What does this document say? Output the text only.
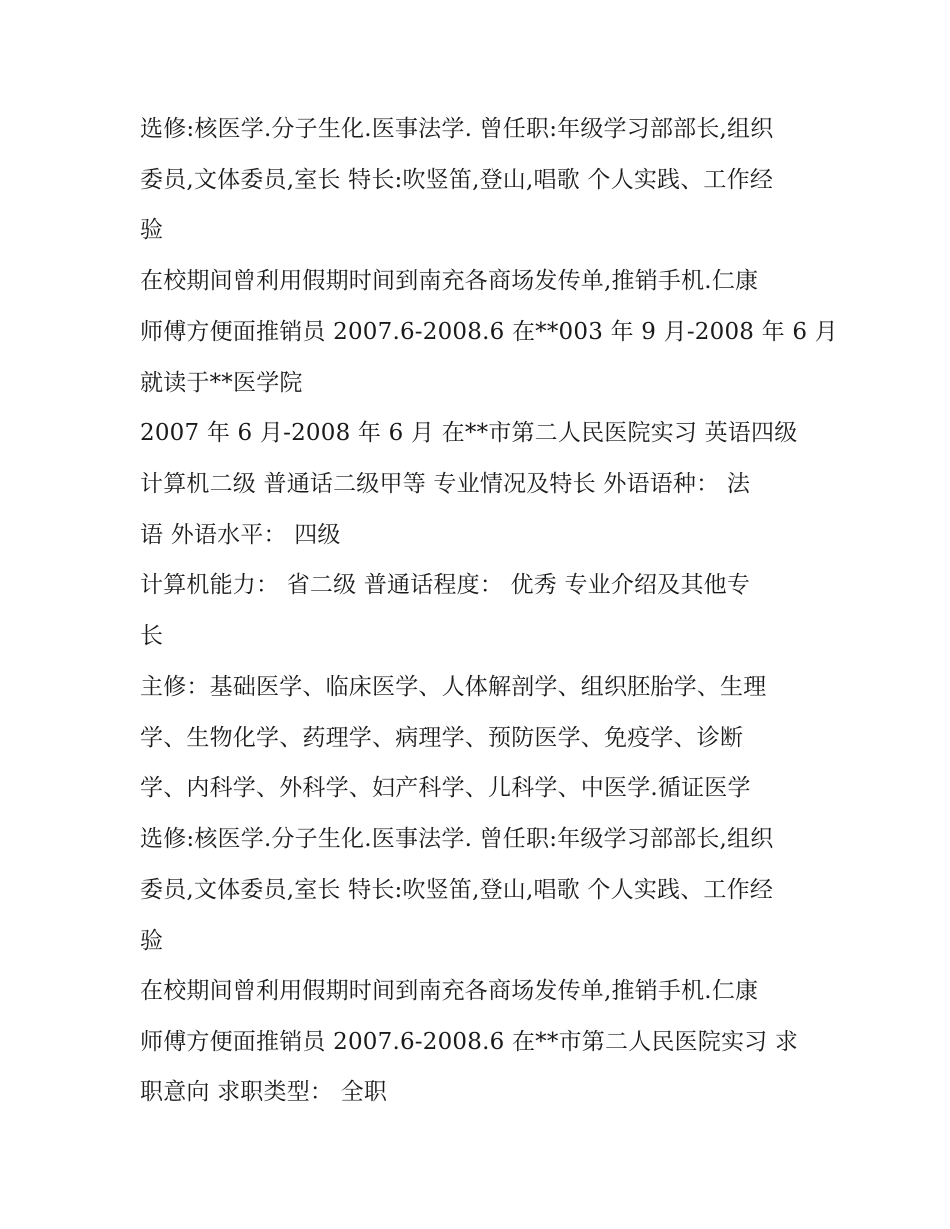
选修:核医学.分子生化.医事法学. 曾任职:年级学习部部长,组织
委员,文体委员,室长 特长:吹竖笛,登山,唱歌 个人实践、工作经
验
在校期间曾利用假期时间到南充各商场发传单,推销手机.仁康
师傅方便面推销员 2007.6-2008.6 在**003 年 9 月-2008 年 6 月
就读于**医学院
2007 年 6 月-2008 年 6 月 在**市第二人民医院实习 英语四级
计算机二级 普通话二级甲等 专业情况及特长 外语语种： 法
语 外语水平： 四级
计算机能力： 省二级 普通话程度： 优秀 专业介绍及其他专
长
主修：基础医学、临床医学、人体解剖学、组织胚胎学、生理
学、生物化学、药理学、病理学、预防医学、免疫学、诊断
学、内科学、外科学、妇产科学、儿科学、中医学.循证医学
选修:核医学.分子生化.医事法学. 曾任职:年级学习部部长,组织
委员,文体委员,室长 特长:吹竖笛,登山,唱歌 个人实践、工作经
验
在校期间曾利用假期时间到南充各商场发传单,推销手机.仁康
师傅方便面推销员 2007.6-2008.6 在**市第二人民医院实习 求
职意向 求职类型： 全职
